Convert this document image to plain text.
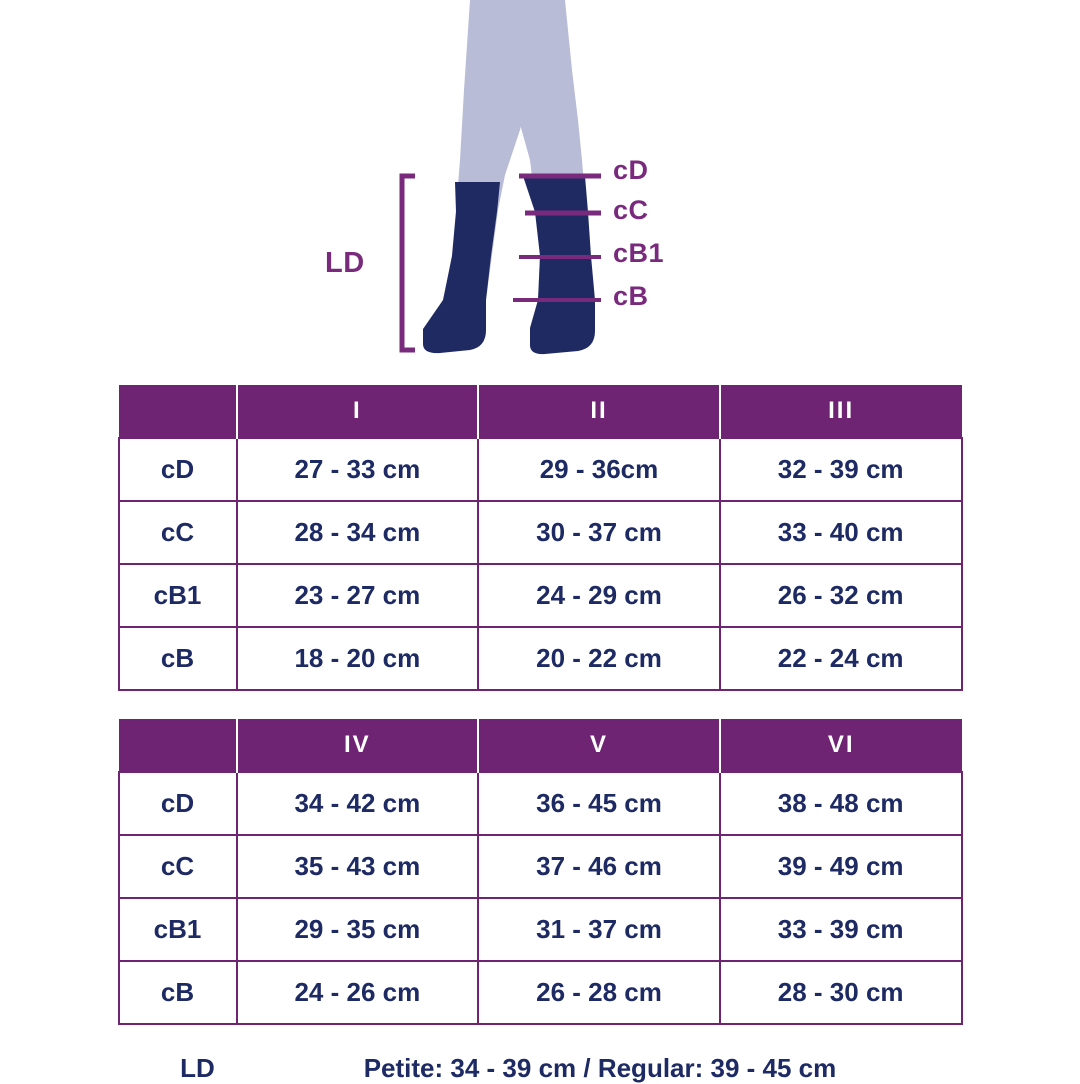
cD
cC
cB1
cB
LD
	I	II	III
cD	27 - 33 cm	29 - 36cm	32 - 39 cm
cC	28 - 34 cm	30 - 37 cm	33 - 40 cm
cB1	23 - 27 cm	24 - 29 cm	26 - 32 cm
cB	18 - 20 cm	20 - 22 cm	22 - 24 cm
	IV	V	VI
cD	34 - 42 cm	36 - 45 cm	38 - 48 cm
cC	35 - 43 cm	37 - 46 cm	39 - 49 cm
cB1	29 - 35 cm	31 - 37 cm	33 - 39 cm
cB	24 - 26 cm	26 - 28 cm	28 - 30 cm
LD	Petite: 34 - 39 cm / Regular: 39 - 45 cm
